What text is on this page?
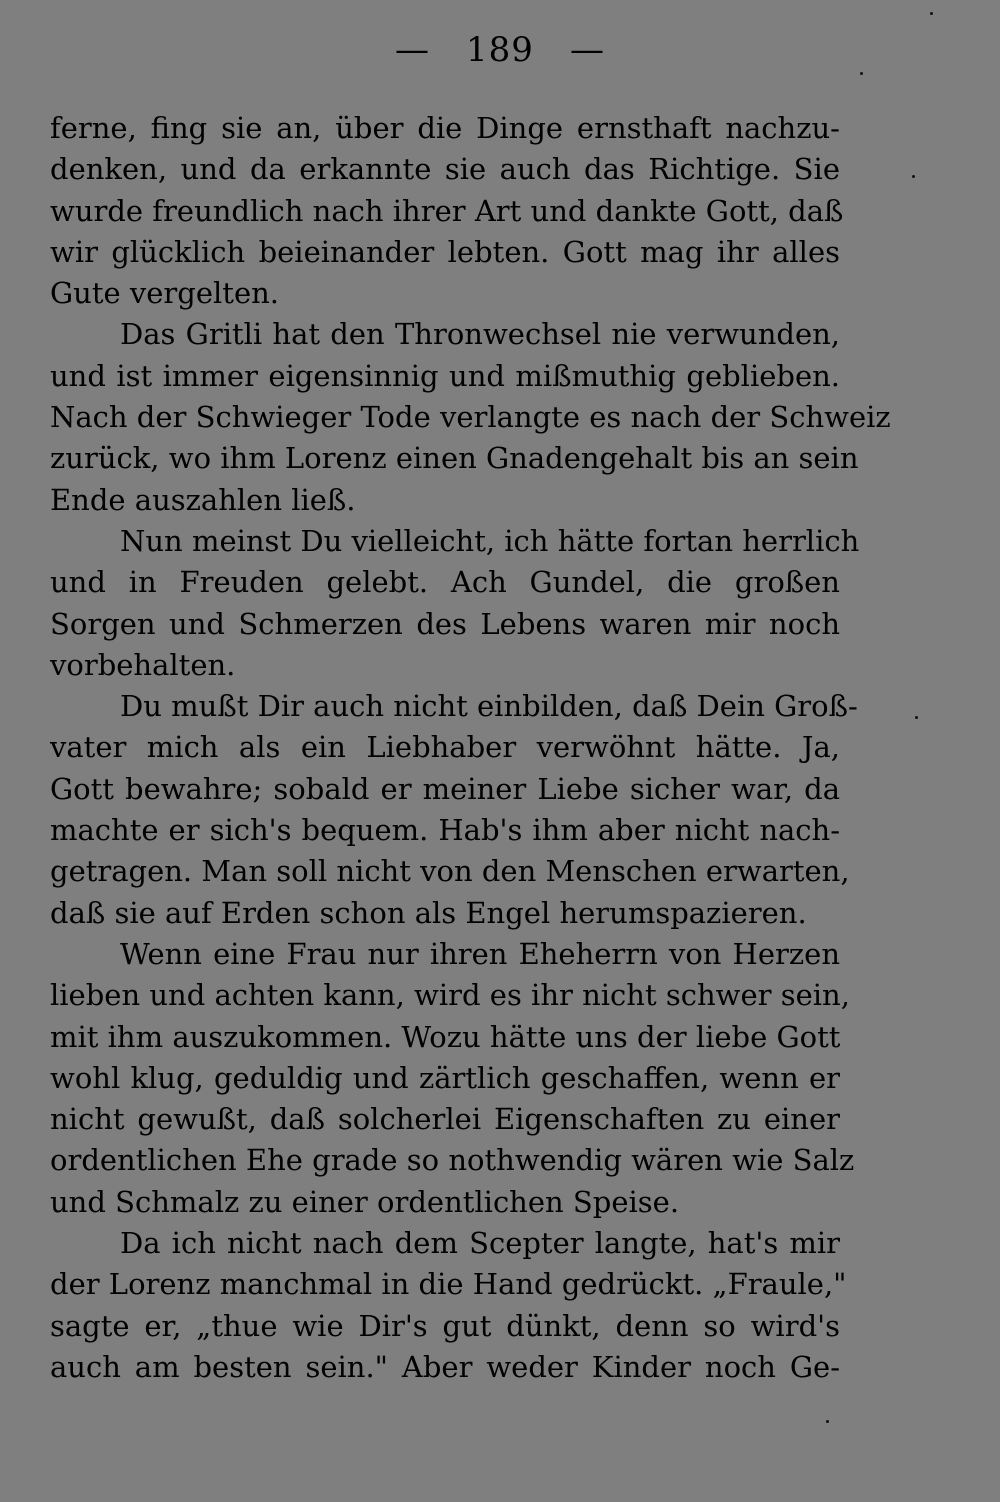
— 189 —
ferne, fing sie an, über die Dinge ernsthaft nachzu-
denken, und da erkannte sie auch das Richtige. Sie
wurde freundlich nach ihrer Art und dankte Gott, daß
wir glücklich beieinander lebten. Gott mag ihr alles
Gute vergelten.
Das Gritli hat den Thronwechsel nie verwunden,
und ist immer eigensinnig und mißmuthig geblieben.
Nach der Schwieger Tode verlangte es nach der Schweiz
zurück, wo ihm Lorenz einen Gnadengehalt bis an sein
Ende auszahlen ließ.
Nun meinst Du vielleicht, ich hätte fortan herrlich
und in Freuden gelebt. Ach Gundel, die großen
Sorgen und Schmerzen des Lebens waren mir noch
vorbehalten.
Du mußt Dir auch nicht einbilden, daß Dein Groß-
vater mich als ein Liebhaber verwöhnt hätte. Ja,
Gott bewahre; sobald er meiner Liebe sicher war, da
machte er sich's bequem. Hab's ihm aber nicht nach-
getragen. Man soll nicht von den Menschen erwarten,
daß sie auf Erden schon als Engel herumspazieren.
Wenn eine Frau nur ihren Eheherrn von Herzen
lieben und achten kann, wird es ihr nicht schwer sein,
mit ihm auszukommen. Wozu hätte uns der liebe Gott
wohl klug, geduldig und zärtlich geschaffen, wenn er
nicht gewußt, daß solcherlei Eigenschaften zu einer
ordentlichen Ehe grade so nothwendig wären wie Salz
und Schmalz zu einer ordentlichen Speise.
Da ich nicht nach dem Scepter langte, hat's mir
der Lorenz manchmal in die Hand gedrückt. „Fraule,"
sagte er, „thue wie Dir's gut dünkt, denn so wird's
auch am besten sein." Aber weder Kinder noch Ge-
